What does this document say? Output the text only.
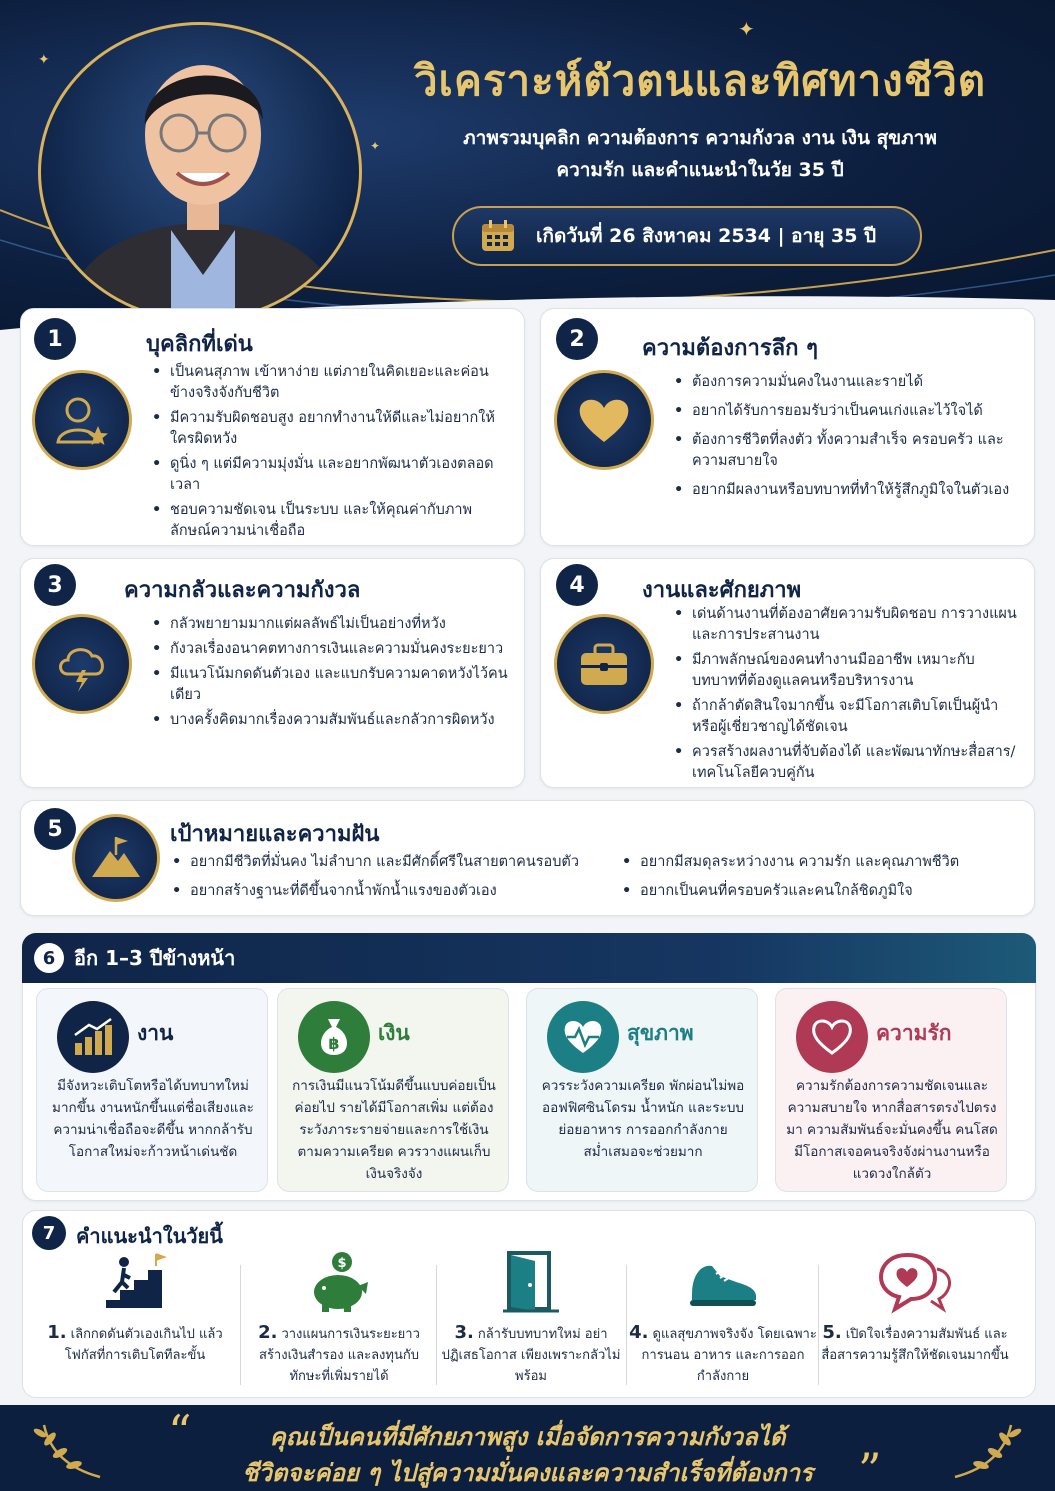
✦
✦
✦
วิเคราะห์ตัวตนและทิศทางชีวิต
ภาพรวมบุคลิก ความต้องการ ความกังวล งาน เงิน สุขภาพ
ความรัก และคำแนะนำในวัย 35 ปี
เกิดวันที่ 26 สิงหาคม 2534 | อายุ 35 ปี
1	บุคลิกที่เด่น
• เป็นคนสุภาพ เข้าหาง่าย แต่ภายในคิดเยอะและค่อนข้างจริงจังกับชีวิต
• มีความรับผิดชอบสูง อยากทำงานให้ดีและไม่อยากให้ใครผิดหวัง
• ดูนิ่ง ๆ แต่มีความมุ่งมั่น และอยากพัฒนาตัวเองตลอดเวลา
• ชอบความชัดเจน เป็นระบบ และให้คุณค่ากับภาพลักษณ์ความน่าเชื่อถือ
2	ความต้องการลึก ๆ
• ต้องการความมั่นคงในงานและรายได้
• อยากได้รับการยอมรับว่าเป็นคนเก่งและไว้ใจได้
• ต้องการชีวิตที่ลงตัว ทั้งความสำเร็จ ครอบครัว และความสบายใจ
• อยากมีผลงานหรือบทบาทที่ทำให้รู้สึกภูมิใจในตัวเอง
3	ความกลัวและความกังวล
• กลัวพยายามมากแต่ผลลัพธ์ไม่เป็นอย่างที่หวัง
• กังวลเรื่องอนาคตทางการเงินและความมั่นคงระยะยาว
• มีแนวโน้มกดดันตัวเอง และแบกรับความคาดหวังไว้คนเดียว
• บางครั้งคิดมากเรื่องความสัมพันธ์และกลัวการผิดหวัง
4	งานและศักยภาพ
• เด่นด้านงานที่ต้องอาศัยความรับผิดชอบ การวางแผน และการประสานงาน
• มีภาพลักษณ์ของคนทำงานมืออาชีพ เหมาะกับบทบาทที่ต้องดูแลคนหรือบริหารงาน
• ถ้ากล้าตัดสินใจมากขึ้น จะมีโอกาสเติบโตเป็นผู้นำหรือผู้เชี่ยวชาญได้ชัดเจน
• ควรสร้างผลงานที่จับต้องได้ และพัฒนาทักษะสื่อสาร/เทคโนโลยีควบคู่กัน
5	เป้าหมายและความฝัน
• อยากมีชีวิตที่มั่นคง ไม่ลำบาก และมีศักดิ์ศรีในสายตาคนรอบตัว
• อยากสร้างฐานะที่ดีขึ้นจากน้ำพักน้ำแรงของตัวเอง
• อยากมีสมดุลระหว่างงาน ความรัก และคุณภาพชีวิต
• อยากเป็นคนที่ครอบครัวและคนใกล้ชิดภูมิใจ
6 อีก 1–3 ปีข้างหน้า
งาน
มีจังหวะเติบโตหรือได้บทบาทใหม่มากขึ้น งานหนักขึ้นแต่ชื่อเสียงและความน่าเชื่อถือจะดีขึ้น หากกล้ารับโอกาสใหม่จะก้าวหน้าเด่นชัด
฿ เงิน
การเงินมีแนวโน้มดีขึ้นแบบค่อยเป็นค่อยไป รายได้มีโอกาสเพิ่ม แต่ต้องระวังภาระรายจ่ายและการใช้เงินตามความเครียด ควรวางแผนเก็บเงินจริงจัง
สุขภาพ
ควรระวังความเครียด พักผ่อนไม่พอ ออฟฟิศซินโดรม น้ำหนัก และระบบย่อยอาหาร การออกกำลังกายสม่ำเสมอจะช่วยมาก
ความรัก
ความรักต้องการความชัดเจนและความสบายใจ หากสื่อสารตรงไปตรงมา ความสัมพันธ์จะมั่นคงขึ้น คนโสดมีโอกาสเจอคนจริงจังผ่านงานหรือแวดวงใกล้ตัว
7	คำแนะนำในวัยนี้
1. เลิกกดดันตัวเองเกินไป แล้วโฟกัสที่การเติบโตทีละขั้น
$
2. วางแผนการเงินระยะยาว สร้างเงินสำรอง และลงทุนกับทักษะที่เพิ่มรายได้
3. กล้ารับบทบาทใหม่ อย่าปฏิเสธโอกาส เพียงเพราะกลัวไม่พร้อม
4. ดูแลสุขภาพจริงจัง โดยเฉพาะการนอน อาหาร และการออกกำลังกาย
5. เปิดใจเรื่องความสัมพันธ์ และสื่อสารความรู้สึกให้ชัดเจนมากขึ้น
“
”
คุณเป็นคนที่มีศักยภาพสูง เมื่อจัดการความกังวลได้
ชีวิตจะค่อย ๆ ไปสู่ความมั่นคงและความสำเร็จที่ต้องการ
